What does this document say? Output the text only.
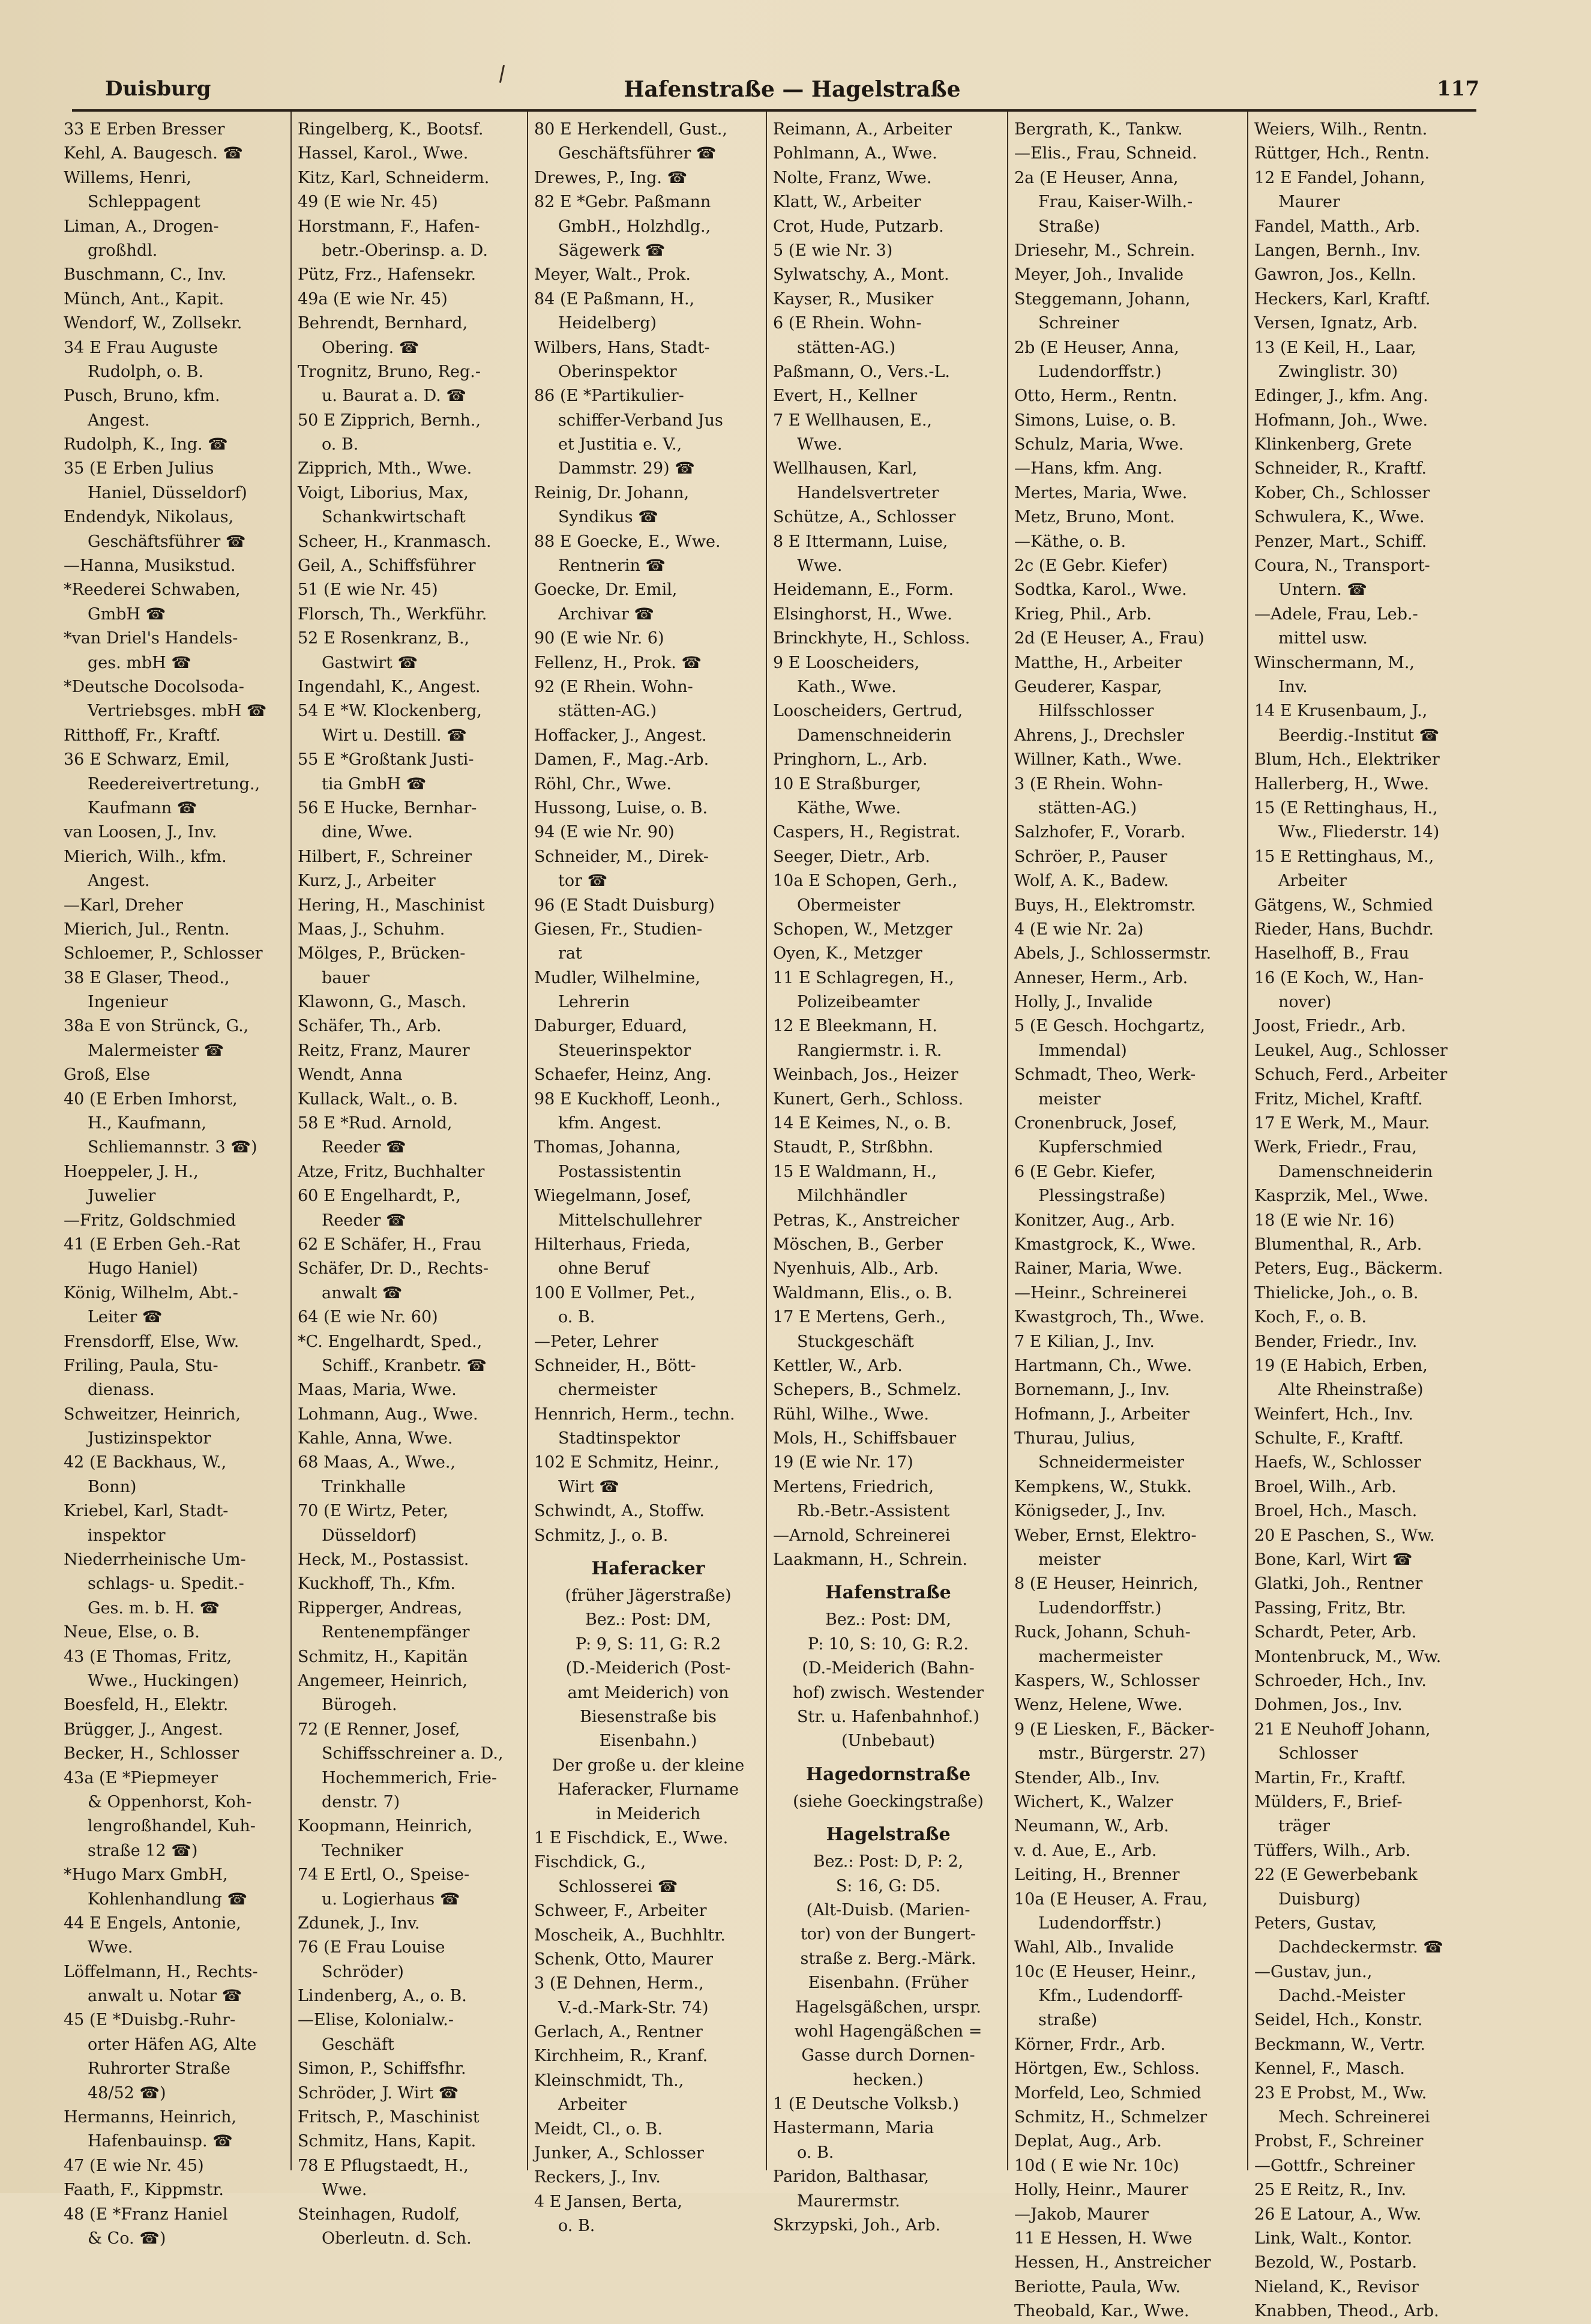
Duisburg	Hafenstraße — Hagelstraße	117
33 E Erben Bresser
Kehl, A. Baugesch. ☎
Willems, Henri,
Schleppagent
Liman, A., Drogen-
großhdl.
Buschmann, C., Inv.
Münch, Ant., Kapit.
Wendorf, W., Zollsekr.
34 E Frau Auguste
Rudolph, o. B.
Pusch, Bruno, kfm.
Angest.
Rudolph, K., Ing. ☎
35 (E Erben Julius
Haniel, Düsseldorf)
Endendyk, Nikolaus,
Geschäftsführer ☎
—Hanna, Musikstud.
*Reederei Schwaben,
GmbH ☎
*van Driel's Handels-
ges. mbH ☎
*Deutsche Docolsoda-
Vertriebsges. mbH ☎
Ritthoff, Fr., Kraftf.
36 E Schwarz, Emil,
Reedereivertretung.,
Kaufmann ☎
van Loosen, J., Inv.
Mierich, Wilh., kfm.
Angest.
—Karl, Dreher
Mierich, Jul., Rentn.
Schloemer, P., Schlosser
38 E Glaser, Theod.,
Ingenieur
38a E von Strünck, G.,
Malermeister ☎
Groß, Else
40 (E Erben Imhorst,
H., Kaufmann,
Schliemannstr. 3 ☎)
Hoeppeler, J. H.,
Juwelier
—Fritz, Goldschmied
41 (E Erben Geh.-Rat
Hugo Haniel)
König, Wilhelm, Abt.-
Leiter ☎
Frensdorff, Else, Ww.
Friling, Paula, Stu-
dienass.
Schweitzer, Heinrich,
Justizinspektor
42 (E Backhaus, W.,
Bonn)
Kriebel, Karl, Stadt-
inspektor
Niederrheinische Um-
schlags- u. Spedit.-
Ges. m. b. H. ☎
Neue, Else, o. B.
43 (E Thomas, Fritz,
Wwe., Huckingen)
Boesfeld, H., Elektr.
Brügger, J., Angest.
Becker, H., Schlosser
43a (E *Piepmeyer
& Oppenhorst, Koh-
lengroßhandel, Kuh-
straße 12 ☎)
*Hugo Marx GmbH,
Kohlenhandlung ☎
44 E Engels, Antonie,
Wwe.
Löffelmann, H., Rechts-
anwalt u. Notar ☎
45 (E *Duisbg.-Ruhr-
orter Häfen AG, Alte
Ruhrorter Straße
48/52 ☎)
Hermanns, Heinrich,
Hafenbauinsp. ☎
47 (E wie Nr. 45)
Faath, F., Kippmstr.
48 (E *Franz Haniel
& Co. ☎)
Ringelberg, K., Bootsf.
Hassel, Karol., Wwe.
Kitz, Karl, Schneiderm.
49 (E wie Nr. 45)
Horstmann, F., Hafen-
betr.-Oberinsp. a. D.
Pütz, Frz., Hafensekr.
49a (E wie Nr. 45)
Behrendt, Bernhard,
Obering. ☎
Trognitz, Bruno, Reg.-
u. Baurat a. D. ☎
50 E Zipprich, Bernh.,
o. B.
Zipprich, Mth., Wwe.
Voigt, Liborius, Max,
Schankwirtschaft
Scheer, H., Kranmasch.
Geil, A., Schiffsführer
51 (E wie Nr. 45)
Florsch, Th., Werkführ.
52 E Rosenkranz, B.,
Gastwirt ☎
Ingendahl, K., Angest.
54 E *W. Klockenberg,
Wirt u. Destill. ☎
55 E *Großtank Justi-
tia GmbH ☎
56 E Hucke, Bernhar-
dine, Wwe.
Hilbert, F., Schreiner
Kurz, J., Arbeiter
Hering, H., Maschinist
Maas, J., Schuhm.
Mölges, P., Brücken-
bauer
Klawonn, G., Masch.
Schäfer, Th., Arb.
Reitz, Franz, Maurer
Wendt, Anna
Kullack, Walt., o. B.
58 E *Rud. Arnold,
Reeder ☎
Atze, Fritz, Buchhalter
60 E Engelhardt, P.,
Reeder ☎
62 E Schäfer, H., Frau
Schäfer, Dr. D., Rechts-
anwalt ☎
64 (E wie Nr. 60)
*C. Engelhardt, Sped.,
Schiff., Kranbetr. ☎
Maas, Maria, Wwe.
Lohmann, Aug., Wwe.
Kahle, Anna, Wwe.
68 Maas, A., Wwe.,
Trinkhalle
70 (E Wirtz, Peter,
Düsseldorf)
Heck, M., Postassist.
Kuckhoff, Th., Kfm.
Ripperger, Andreas,
Rentenempfänger
Schmitz, H., Kapitän
Angemeer, Heinrich,
Bürogeh.
72 (E Renner, Josef,
Schiffsschreiner a. D.,
Hochemmerich, Frie-
denstr. 7)
Koopmann, Heinrich,
Techniker
74 E Ertl, O., Speise-
u. Logierhaus ☎
Zdunek, J., Inv.
76 (E Frau Louise
Schröder)
Lindenberg, A., o. B.
—Elise, Kolonialw.-
Geschäft
Simon, P., Schiffsfhr.
Schröder, J. Wirt ☎
Fritsch, P., Maschinist
Schmitz, Hans, Kapit.
78 E Pflugstaedt, H.,
Wwe.
Steinhagen, Rudolf,
Oberleutn. d. Sch.
80 E Herkendell, Gust.,
Geschäftsführer ☎
Drewes, P., Ing. ☎
82 E *Gebr. Paßmann
GmbH., Holzhdlg.,
Sägewerk ☎
Meyer, Walt., Prok.
84 (E Paßmann, H.,
Heidelberg)
Wilbers, Hans, Stadt-
Oberinspektor
86 (E *Partikulier-
schiffer-Verband Jus
et Justitia e. V.,
Dammstr. 29) ☎
Reinig, Dr. Johann,
Syndikus ☎
88 E Goecke, E., Wwe.
Rentnerin ☎
Goecke, Dr. Emil,
Archivar ☎
90 (E wie Nr. 6)
Fellenz, H., Prok. ☎
92 (E Rhein. Wohn-
stätten-AG.)
Hoffacker, J., Angest.
Damen, F., Mag.-Arb.
Röhl, Chr., Wwe.
Hussong, Luise, o. B.
94 (E wie Nr. 90)
Schneider, M., Direk-
tor ☎
96 (E Stadt Duisburg)
Giesen, Fr., Studien-
rat
Mudler, Wilhelmine,
Lehrerin
Daburger, Eduard,
Steuerinspektor
Schaefer, Heinz, Ang.
98 E Kuckhoff, Leonh.,
kfm. Angest.
Thomas, Johanna,
Postassistentin
Wiegelmann, Josef,
Mittelschullehrer
Hilterhaus, Frieda,
ohne Beruf
100 E Vollmer, Pet.,
o. B.
—Peter, Lehrer
Schneider, H., Bött-
chermeister
Hennrich, Herm., techn.
Stadtinspektor
102 E Schmitz, Heinr.,
Wirt ☎
Schwindt, A., Stoffw.
Schmitz, J., o. B.
Haferacker
(früher Jägerstraße)
Bez.: Post: DM,
P: 9, S: 11, G: R.2
(D.-Meiderich (Post-
amt Meiderich) von
Biesenstraße bis
Eisenbahn.)
Der große u. der kleine
Haferacker, Flurname
in Meiderich
1 E Fischdick, E., Wwe.
Fischdick, G.,
Schlosserei ☎
Schweer, F., Arbeiter
Moscheik, A., Buchhltr.
Schenk, Otto, Maurer
3 (E Dehnen, Herm.,
V.-d.-Mark-Str. 74)
Gerlach, A., Rentner
Kirchheim, R., Kranf.
Kleinschmidt, Th.,
Arbeiter
Meidt, Cl., o. B.
Junker, A., Schlosser
Reckers, J., Inv.
4 E Jansen, Berta,
o. B.
Reimann, A., Arbeiter
Pohlmann, A., Wwe.
Nolte, Franz, Wwe.
Klatt, W., Arbeiter
Crot, Hude, Putzarb.
5 (E wie Nr. 3)
Sylwatschy, A., Mont.
Kayser, R., Musiker
6 (E Rhein. Wohn-
stätten-AG.)
Paßmann, O., Vers.-L.
Evert, H., Kellner
7 E Wellhausen, E.,
Wwe.
Wellhausen, Karl,
Handelsvertreter
Schütze, A., Schlosser
8 E Ittermann, Luise,
Wwe.
Heidemann, E., Form.
Elsinghorst, H., Wwe.
Brinckhyte, H., Schloss.
9 E Looscheiders,
Kath., Wwe.
Looscheiders, Gertrud,
Damenschneiderin
Pringhorn, L., Arb.
10 E Straßburger,
Käthe, Wwe.
Caspers, H., Registrat.
Seeger, Dietr., Arb.
10a E Schopen, Gerh.,
Obermeister
Schopen, W., Metzger
Oyen, K., Metzger
11 E Schlagregen, H.,
Polizeibeamter
12 E Bleekmann, H.
Rangiermstr. i. R.
Weinbach, Jos., Heizer
Kunert, Gerh., Schloss.
14 E Keimes, N., o. B.
Staudt, P., Strßbhn.
15 E Waldmann, H.,
Milchhändler
Petras, K., Anstreicher
Möschen, B., Gerber
Nyenhuis, Alb., Arb.
Waldmann, Elis., o. B.
17 E Mertens, Gerh.,
Stuckgeschäft
Kettler, W., Arb.
Schepers, B., Schmelz.
Rühl, Wilhe., Wwe.
Mols, H., Schiffsbauer
19 (E wie Nr. 17)
Mertens, Friedrich,
Rb.-Betr.-Assistent
—Arnold, Schreinerei
Laakmann, H., Schrein.
Hafenstraße
Bez.: Post: DM,
P: 10, S: 10, G: R.2.
(D.-Meiderich (Bahn-
hof) zwisch. Westender
Str. u. Hafenbahnhof.)
(Unbebaut)
Hagedornstraße
(siehe Goeckingstraße)
Hagelstraße
Bez.: Post: D, P: 2,
S: 16, G: D5.
(Alt-Duisb. (Marien-
tor) von der Bungert-
straße z. Berg.-Märk.
Eisenbahn. (Früher
Hagelsgäßchen, urspr.
wohl Hagengäßchen =
Gasse durch Dornen-
hecken.)
1 (E Deutsche Volksb.)
Hastermann, Maria
o. B.
Paridon, Balthasar,
Maurermstr.
Skrzypski, Joh., Arb.
Bergrath, K., Tankw.
—Elis., Frau, Schneid.
2a (E Heuser, Anna,
Frau, Kaiser-Wilh.-
Straße)
Driesehr, M., Schrein.
Meyer, Joh., Invalide
Steggemann, Johann,
Schreiner
2b (E Heuser, Anna,
Ludendorffstr.)
Otto, Herm., Rentn.
Simons, Luise, o. B.
Schulz, Maria, Wwe.
—Hans, kfm. Ang.
Mertes, Maria, Wwe.
Metz, Bruno, Mont.
—Käthe, o. B.
2c (E Gebr. Kiefer)
Sodtka, Karol., Wwe.
Krieg, Phil., Arb.
2d (E Heuser, A., Frau)
Matthe, H., Arbeiter
Geuderer, Kaspar,
Hilfsschlosser
Ahrens, J., Drechsler
Willner, Kath., Wwe.
3 (E Rhein. Wohn-
stätten-AG.)
Salzhofer, F., Vorarb.
Schröer, P., Pauser
Wolf, A. K., Badew.
Buys, H., Elektromstr.
4 (E wie Nr. 2a)
Abels, J., Schlossermstr.
Anneser, Herm., Arb.
Holly, J., Invalide
5 (E Gesch. Hochgartz,
Immendal)
Schmadt, Theo, Werk-
meister
Cronenbruck, Josef,
Kupferschmied
6 (E Gebr. Kiefer,
Plessingstraße)
Konitzer, Aug., Arb.
Kmastgrock, K., Wwe.
Rainer, Maria, Wwe.
—Heinr., Schreinerei
Kwastgroch, Th., Wwe.
7 E Kilian, J., Inv.
Hartmann, Ch., Wwe.
Bornemann, J., Inv.
Hofmann, J., Arbeiter
Thurau, Julius,
Schneidermeister
Kempkens, W., Stukk.
Königseder, J., Inv.
Weber, Ernst, Elektro-
meister
8 (E Heuser, Heinrich,
Ludendorffstr.)
Ruck, Johann, Schuh-
machermeister
Kaspers, W., Schlosser
Wenz, Helene, Wwe.
9 (E Liesken, F., Bäcker-
mstr., Bürgerstr. 27)
Stender, Alb., Inv.
Wichert, K., Walzer
Neumann, W., Arb.
v. d. Aue, E., Arb.
Leiting, H., Brenner
10a (E Heuser, A. Frau,
Ludendorffstr.)
Wahl, Alb., Invalide
10c (E Heuser, Heinr.,
Kfm., Ludendorff-
straße)
Körner, Frdr., Arb.
Hörtgen, Ew., Schloss.
Morfeld, Leo, Schmied
Schmitz, H., Schmelzer
Deplat, Aug., Arb.
10d ( E wie Nr. 10c)
Holly, Heinr., Maurer
—Jakob, Maurer
11 E Hessen, H. Wwe
Hessen, H., Anstreicher
Beriotte, Paula, Ww.
Theobald, Kar., Wwe.
Weiers, Wilh., Rentn.
Rüttger, Hch., Rentn.
12 E Fandel, Johann,
Maurer
Fandel, Matth., Arb.
Langen, Bernh., Inv.
Gawron, Jos., Kelln.
Heckers, Karl, Kraftf.
Versen, Ignatz, Arb.
13 (E Keil, H., Laar,
Zwinglistr. 30)
Edinger, J., kfm. Ang.
Hofmann, Joh., Wwe.
Klinkenberg, Grete
Schneider, R., Kraftf.
Kober, Ch., Schlosser
Schwulera, K., Wwe.
Penzer, Mart., Schiff.
Coura, N., Transport-
Untern. ☎
—Adele, Frau, Leb.-
mittel usw.
Winschermann, M.,
Inv.
14 E Krusenbaum, J.,
Beerdig.-Institut ☎
Blum, Hch., Elektriker
Hallerberg, H., Wwe.
15 (E Rettinghaus, H.,
Ww., Fliederstr. 14)
15 E Rettinghaus, M.,
Arbeiter
Gätgens, W., Schmied
Rieder, Hans, Buchdr.
Haselhoff, B., Frau
16 (E Koch, W., Han-
nover)
Joost, Friedr., Arb.
Leukel, Aug., Schlosser
Schuch, Ferd., Arbeiter
Fritz, Michel, Kraftf.
17 E Werk, M., Maur.
Werk, Friedr., Frau,
Damenschneiderin
Kasprzik, Mel., Wwe.
18 (E wie Nr. 16)
Blumenthal, R., Arb.
Peters, Eug., Bäckerm.
Thielicke, Joh., o. B.
Koch, F., o. B.
Bender, Friedr., Inv.
19 (E Habich, Erben,
Alte Rheinstraße)
Weinfert, Hch., Inv.
Schulte, F., Kraftf.
Haefs, W., Schlosser
Broel, Wilh., Arb.
Broel, Hch., Masch.
20 E Paschen, S., Ww.
Bone, Karl, Wirt ☎
Glatki, Joh., Rentner
Passing, Fritz, Btr.
Schardt, Peter, Arb.
Montenbruck, M., Ww.
Schroeder, Hch., Inv.
Dohmen, Jos., Inv.
21 E Neuhoff Johann,
Schlosser
Martin, Fr., Kraftf.
Mülders, F., Brief-
träger
Tüffers, Wilh., Arb.
22 (E Gewerbebank
Duisburg)
Peters, Gustav,
Dachdeckermstr. ☎
—Gustav, jun.,
Dachd.-Meister
Seidel, Hch., Konstr.
Beckmann, W., Vertr.
Kennel, F., Masch.
23 E Probst, M., Ww.
Mech. Schreinerei
Probst, F., Schreiner
—Gottfr., Schreiner
25 E Reitz, R., Inv.
26 E Latour, A., Ww.
Link, Walt., Kontor.
Bezold, W., Postarb.
Nieland, K., Revisor
Knabben, Theod., Arb.
